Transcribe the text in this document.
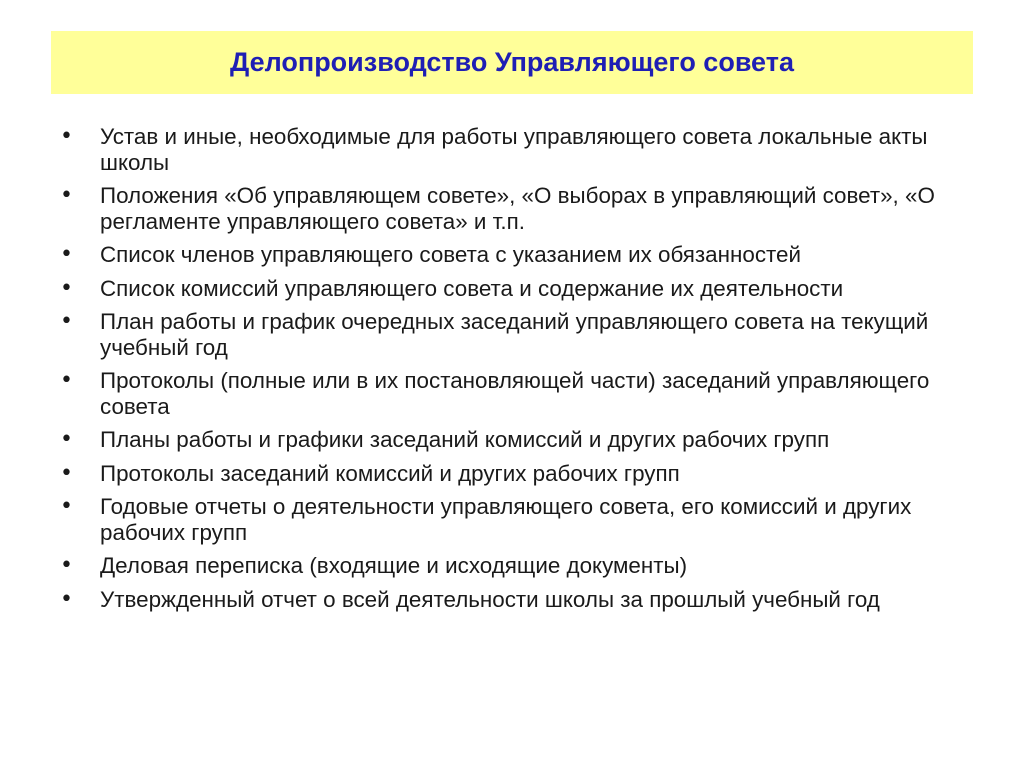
Делопроизводство Управляющего совета
•	Устав и иные, необходимые для работы управляющего совета локальные акты школы
•	Положения «Об управляющем совете», «О выборах в управляющий совет», «О регламенте управляющего совета» и т.п.
•	Список членов управляющего совета с указанием их обязанностей
•	Список комиссий управляющего совета и содержание их деятельности
•	План работы и график очередных заседаний управляющего совета на текущий учебный год
•	Протоколы (полные или в их постановляющей части) заседаний управляющего совета
•	Планы работы и графики заседаний комиссий и других рабочих групп
•	Протоколы заседаний комиссий и других рабочих групп
•	Годовые отчеты о деятельности управляющего совета, его комиссий и других рабочих групп
•	Деловая переписка (входящие и исходящие документы)
•	Утвержденный отчет о всей деятельности школы за прошлый учебный год
